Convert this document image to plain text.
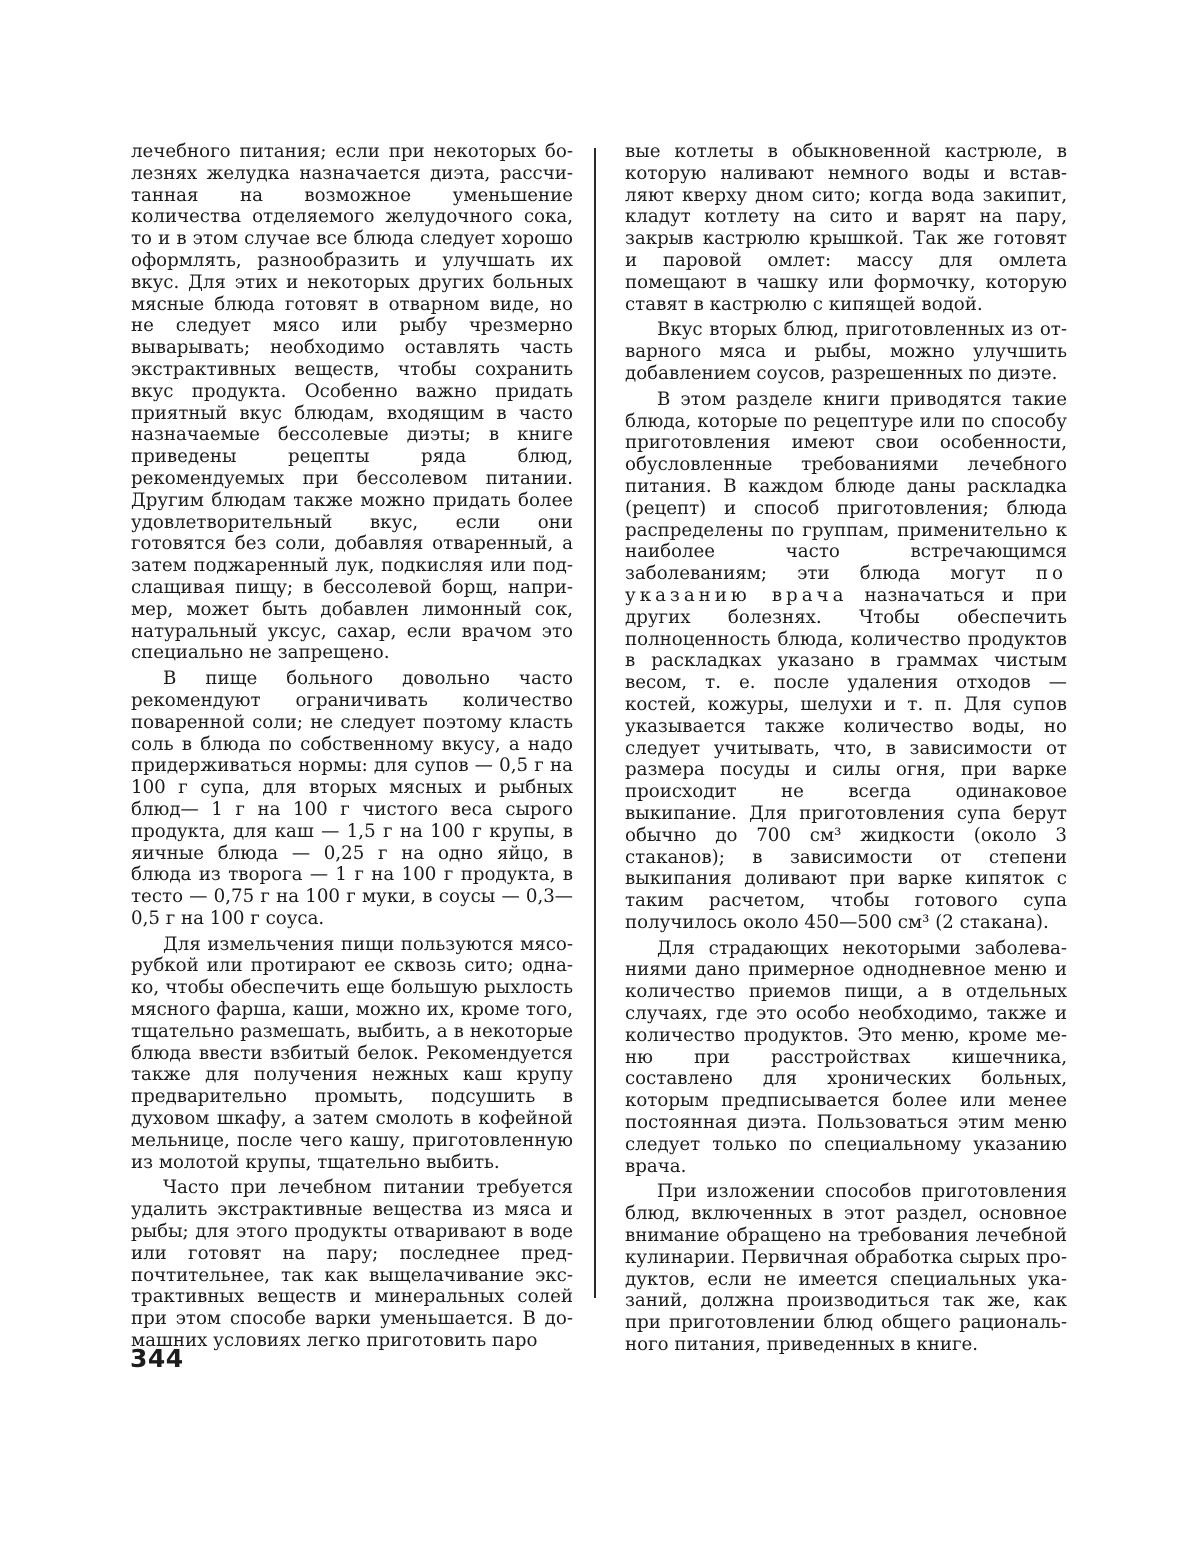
лечебного питания; если при некоторых бо­лезнях желудка назначается диэта, рассчи­танная на возможное уменьшение количества отделяемого желудочного сока, то и в этом случае все блюда следует хорошо оформлять, разнообразить и улучшать их вкус. Для этих и некоторых других больных мясные блюда готовят в отварном виде, но не сле­дует мясо или рыбу чрезмерно выварывать; необходимо оставлять часть экстрактивных веществ, чтобы сохранить вкус продукта. Осо­бенно важно придать приятный вкус блю­дам, входящим в часто назначаемые бессоле­вые диэты; в книге приведены рецепты ряда блюд, рекомендуемых при бессолевом пита­нии. Другим блюдам также можно придать более удовлетворительный вкус, если они готовятся без соли, добавляя отваренный, а затем поджаренный лук, подкисляя или под­слащивая пищу; в бессолевой борщ, напри­мер, может быть добавлен лимонный сок, натуральный уксус, сахар, если врачом это специально не запрещено.

В пище больного довольно часто рекомен­дуют ограничивать количество поваренной соли; не следует поэтому класть соль в блюда по собственному вкусу, а надо придержи­ваться нормы: для супов — 0,5 г на 100 г супа, для вторых мясных и рыбных блюд— 1 г на 100 г чистого веса сырого продукта, для каш — 1,5 г на 100 г крупы, в яичные блюда — 0,25 г на одно яйцо, в блюда из творога — 1 г на 100 г продукта, в тесто — 0,75 г на 100 г муки, в соусы — 0,3—0,5 г на 100 г соуса.

Для измельчения пищи пользуются мясо­рубкой или протирают ее сквозь сито; одна­ко, чтобы обеспечить еще большую рыхлость мясного фарша, каши, можно их, кроме того, тщательно размешать, выбить, а в не­которые блюда ввести взбитый белок. Реко­мендуется также для получения нежных каш крупу предварительно промыть, подсушить в духовом шкафу, а затем смолоть в кофей­ной мельнице, после чего кашу, приготовлен­ную из молотой крупы, тщательно выбить.

Часто при лечебном питании требуется удалить экстрактивные вещества из мяса и рыбы; для этого продукты отваривают в воде или готовят на пару; последнее пред­почтительнее, так как выщелачивание экс­трактивных веществ и минеральных солей при этом способе варки уменьшается. В до­машних условиях легко приготовить паро­

вые котлеты в обыкновенной кастрюле, в которую наливают немного воды и встав­ляют кверху дном сито; когда вода закипит, кладут котлету на сито и варят на пару, закрыв кастрюлю крышкой. Так же готовят и паровой омлет: массу для омлета помещают в чашку или формочку, которую ставят в кастрюлю с кипящей водой.

Вкус вторых блюд, приготовленных из от­варного мяса и рыбы, можно улучшить добавлением соусов, разрешенных по диэте.

В этом разделе книги приводятся такие блюда, которые по рецептуре или по способу приготовления имеют свои особенности, обус­ловленные требованиями лечебного питания. В каждом блюде даны раскладка (рецепт) и способ приготовления; блюда распределены по группам, применительно к наиболее часто встречающимся заболеваниям; эти блюда мо­гут по указанию врача назначаться и при других болезнях. Чтобы обеспечить полноценность блюда, количество продуктов в раскладках указано в граммах чистым весом, т. е. после удаления отходов — костей, кожуры, шелухи и т. п. Для супов указы­вается также количество воды, но следует учитывать, что, в зависимости от размера посуды и силы огня, при варке происходит не всегда одинаковое выкипание. Для при­готовления супа берут обычно до 700 см³ жидкости (около 3 стаканов); в зависимости от степени выкипания доливают при варке кипяток с таким расчетом, чтобы готового супа получилось около 450—500 см³ (2 ста­кана).

Для страдающих некоторыми заболева­ниями дано примерное однодневное меню и количество приемов пищи, а в отдельных случаях, где это особо необходимо, также и количество продуктов. Это меню, кроме ме­ню при расстройствах кишечника, составлено для хронических больных, которым предпи­сывается более или менее постоянная диэта. Пользоваться этим меню следует только по специальному указанию врача.

При изложении способов приготовления блюд, включенных в этот раздел, основное внимание обращено на требования лечебной кулинарии. Первичная обработка сырых про­дуктов, если не имеется специальных ука­заний, должна производиться так же, как при приготовлении блюд общего рациональ­ного питания, приведенных в книге.

344
